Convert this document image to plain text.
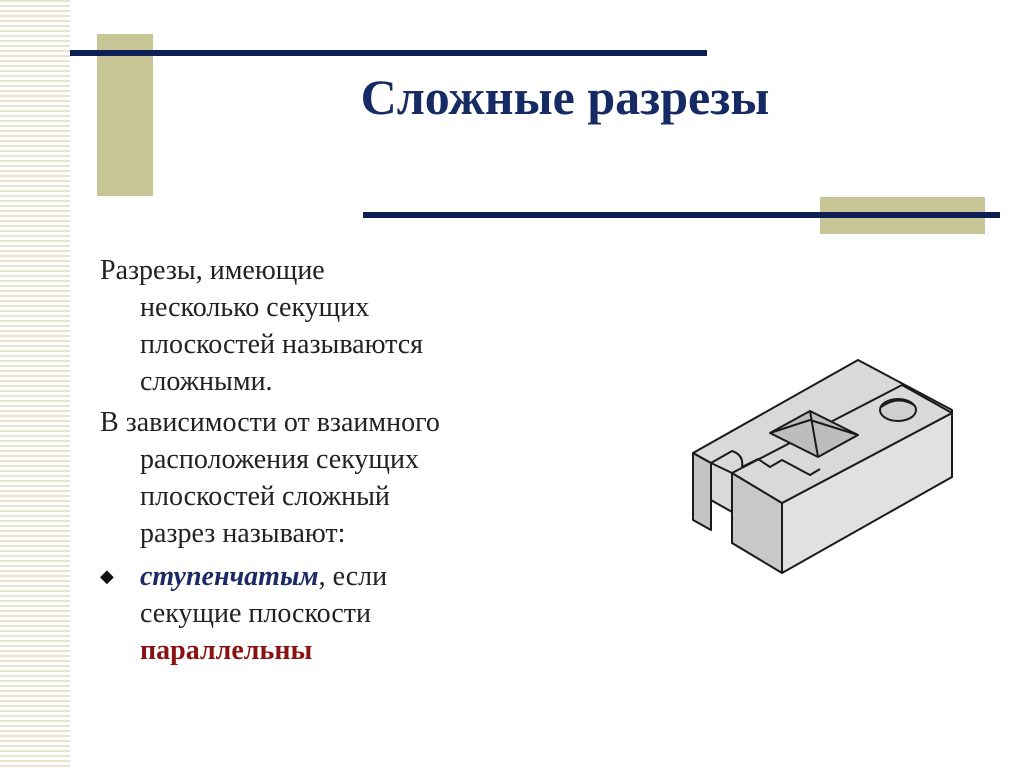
Сложные разрезы
Разрезы, имеющие
несколько секущих
плоскостей называются
сложными.
В зависимости от взаимного
расположения секущих
плоскостей сложный
разрез называют:
◆ ступенчатым, если
секущие плоскости
параллельны
